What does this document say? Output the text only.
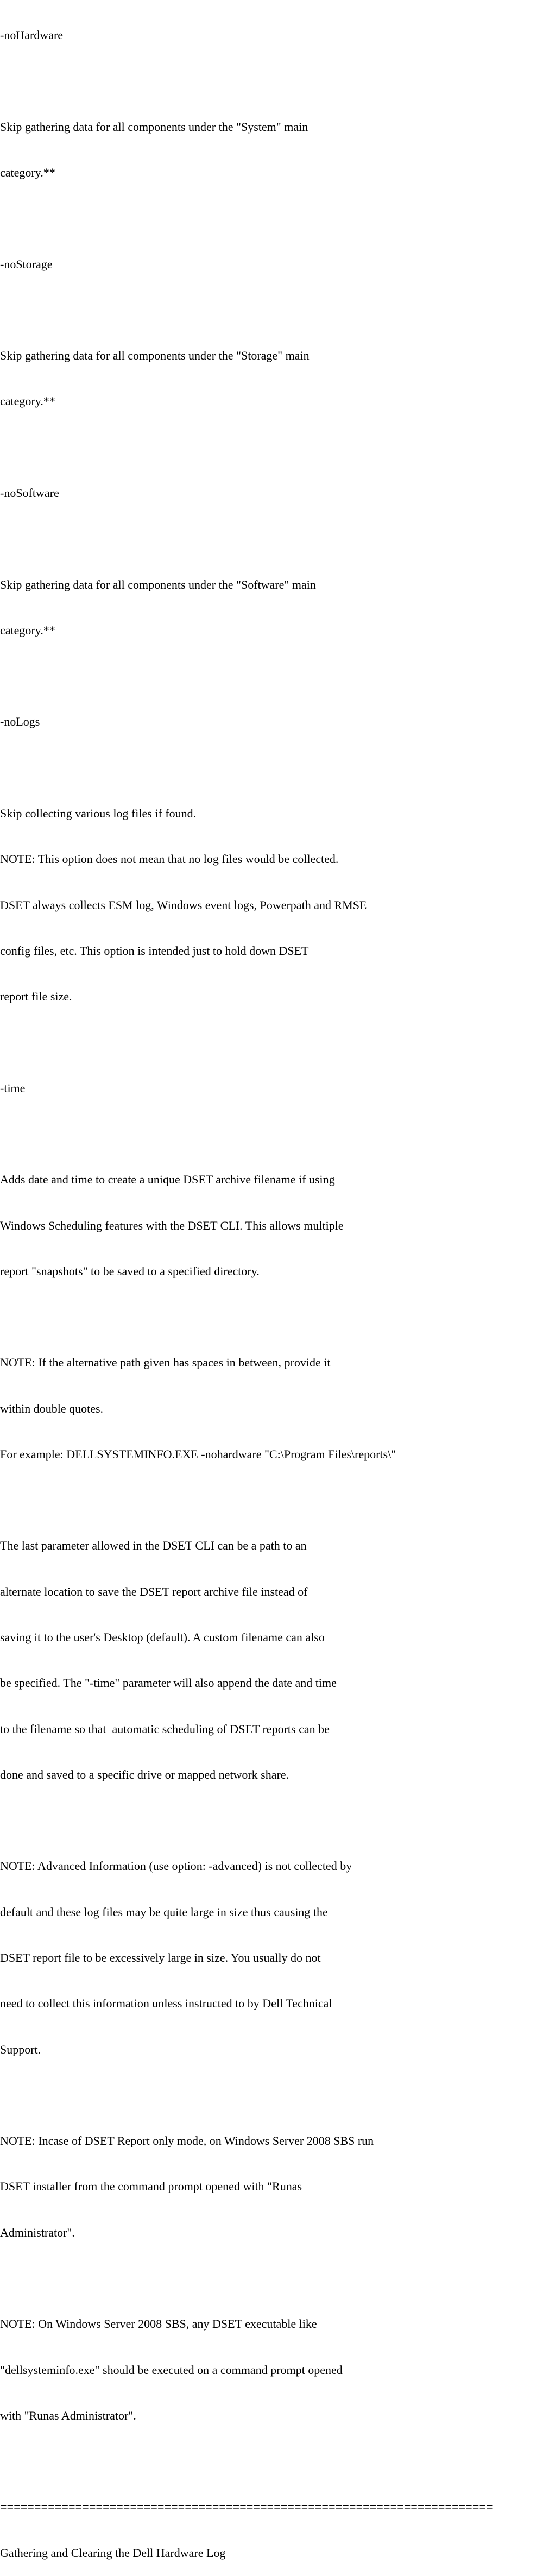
-noHardware

Skip gathering data for all components under the "System" main

category.**

-noStorage

Skip gathering data for all components under the "Storage" main

category.**

-noSoftware

Skip gathering data for all components under the "Software" main

category.**

-noLogs

Skip collecting various log files if found.

NOTE: This option does not mean that no log files would be collected.

DSET always collects ESM log, Windows event logs, Powerpath and RMSE

config files, etc. This option is intended just to hold down DSET

report file size.

-time

Adds date and time to create a unique DSET archive filename if using

Windows Scheduling features with the DSET CLI. This allows multiple

report "snapshots" to be saved to a specified directory.

NOTE: If the alternative path given has spaces in between, provide it

within double quotes.

For example: DELLSYSTEMINFO.EXE -nohardware "C:\Program Files\reports\"

The last parameter allowed in the DSET CLI can be a path to an

alternate location to save the DSET report archive file instead of

saving it to the user's Desktop (default). A custom filename can also

be specified. The "-time" parameter will also append the date and time

to the filename so that  automatic scheduling of DSET reports can be

done and saved to a specific drive or mapped network share.

NOTE: Advanced Information (use option: -advanced) is not collected by

default and these log files may be quite large in size thus causing the

DSET report file to be excessively large in size. You usually do not

need to collect this information unless instructed to by Dell Technical

Support.

NOTE: Incase of DSET Report only mode, on Windows Server 2008 SBS run

DSET installer from the command prompt opened with "Runas

Administrator".

NOTE: On Windows Server 2008 SBS, any DSET executable like

"dellsysteminfo.exe" should be executed on a command prompt opened

with "Runas Administrator".

========================================================================

Gathering and Clearing the Dell Hardware Log
